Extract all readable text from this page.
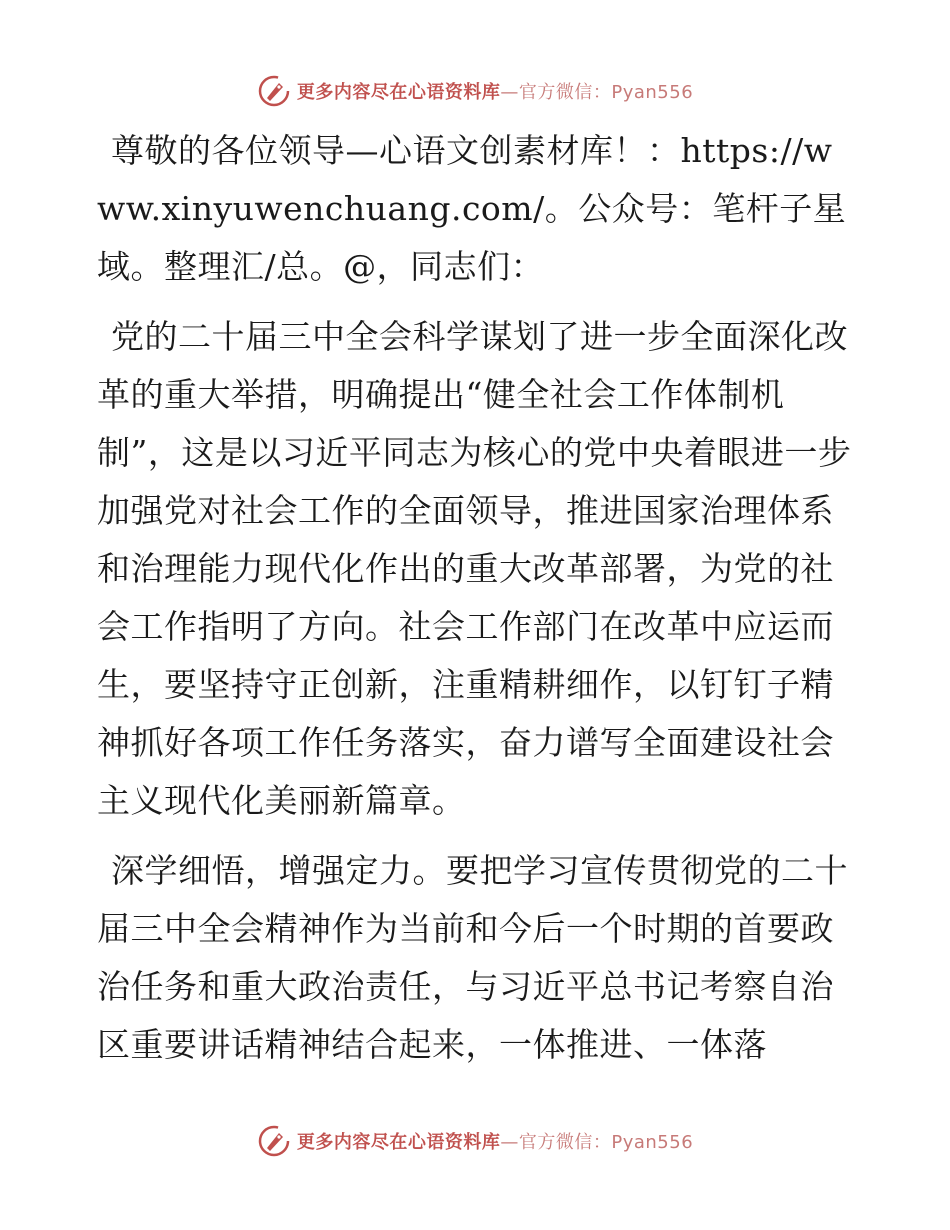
更多内容尽在心语资料库—官方微信：Pyan556

尊敬的各位领导—心语文创素材库！：https://www.xinyuwenchuang.com/。公众号：笔杆子星域。整理汇/总。@，同志们：

党的二十届三中全会科学谋划了进一步全面深化改革的重大举措，明确提出“健全社会工作体制机制”，这是以习近平同志为核心的党中央着眼进一步加强党对社会工作的全面领导，推进国家治理体系和治理能力现代化作出的重大改革部署，为党的社会工作指明了方向。社会工作部门在改革中应运而生，要坚持守正创新，注重精耕细作，以钉钉子精神抓好各项工作任务落实，奋力谱写全面建设社会主义现代化美丽新篇章。

深学细悟，增强定力。要把学习宣传贯彻党的二十届三中全会精神作为当前和今后一个时期的首要政治任务和重大政治责任，与习近平总书记考察自治区重要讲话精神结合起来，一体推进、一体落

更多内容尽在心语资料库—官方微信：Pyan556
